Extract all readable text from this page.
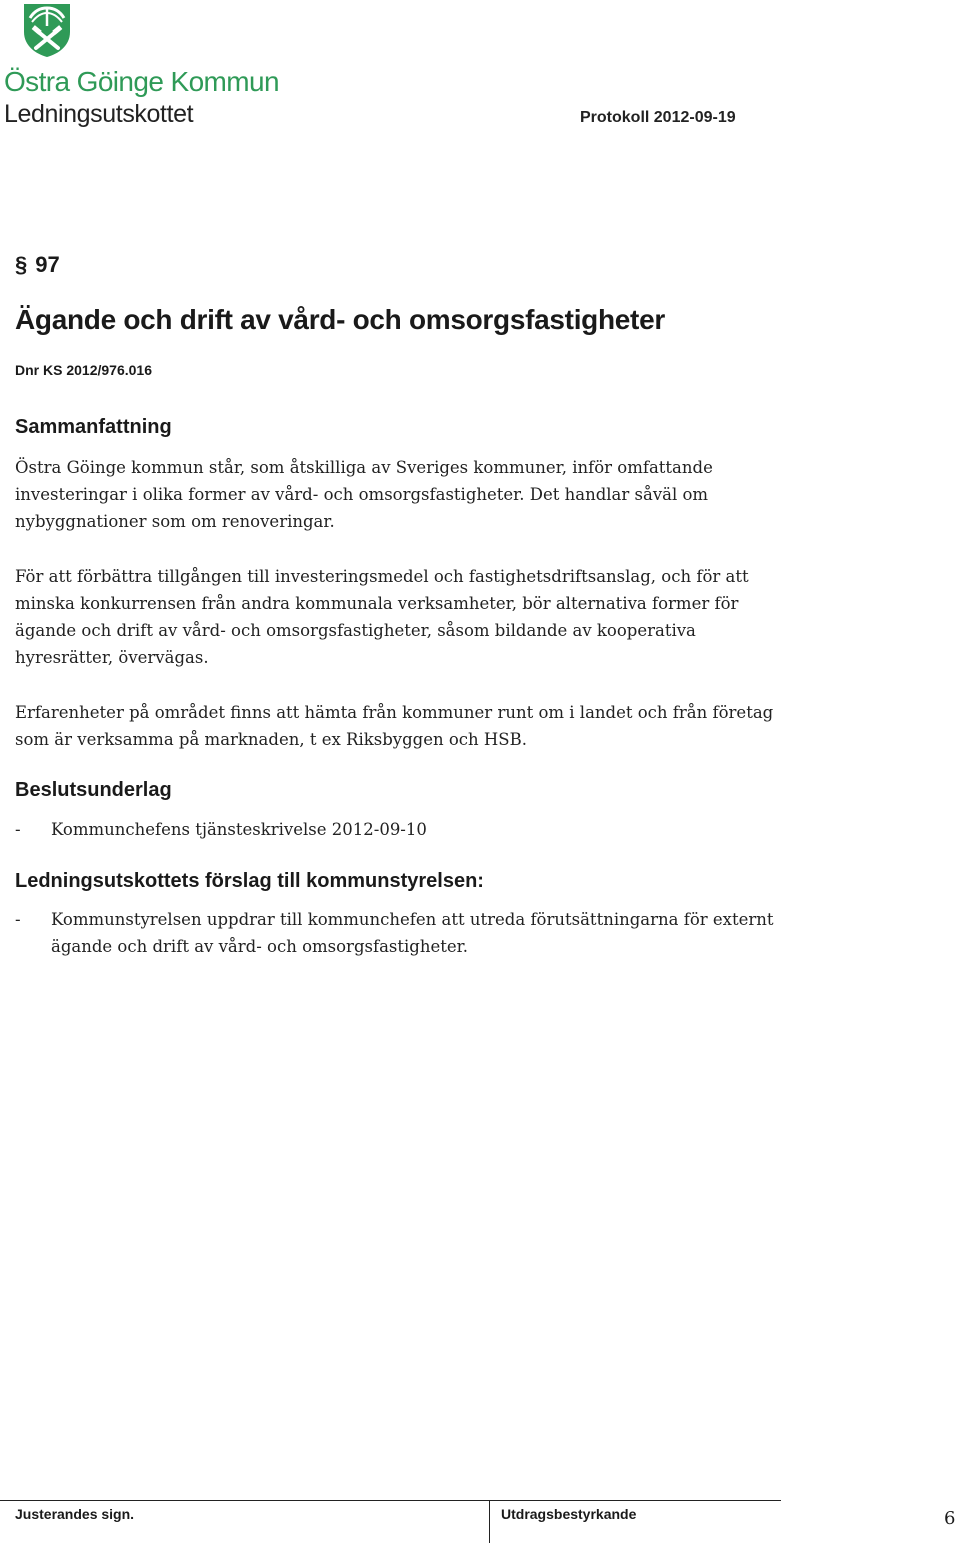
Östra Göinge Kommun
Ledningsutskottet	Protokoll 2012-09-19
§ 97
Ägande och drift av vård- och omsorgsfastigheter
Dnr KS 2012/976.016
Sammanfattning

Östra Göinge kommun står, som åtskilliga av Sveriges kommuner, inför omfattande investeringar i olika former av vård- och omsorgsfastigheter. Det handlar såväl om nybyggnationer som om renoveringar.

För att förbättra tillgången till investeringsmedel och fastighetsdriftsanslag, och för att minska konkurrensen från andra kommunala verksamheter, bör alternativa former för ägande och drift av vård- och omsorgsfastigheter, såsom bildande av kooperativa hyresrätter, övervägas.

Erfarenheter på området finns att hämta från kommuner runt om i landet och från företag som är verksamma på marknaden, t ex Riksbyggen och HSB.

Beslutsunderlag
-	Kommunchefens tjänsteskrivelse 2012-09-10
Ledningsutskottets förslag till kommunstyrelsen:
-	Kommunstyrelsen uppdrar till kommunchefen att utreda förutsättningarna för externt ägande och drift av vård- och omsorgsfastigheter.
Justerandes sign.	Utdragsbestyrkande	6
